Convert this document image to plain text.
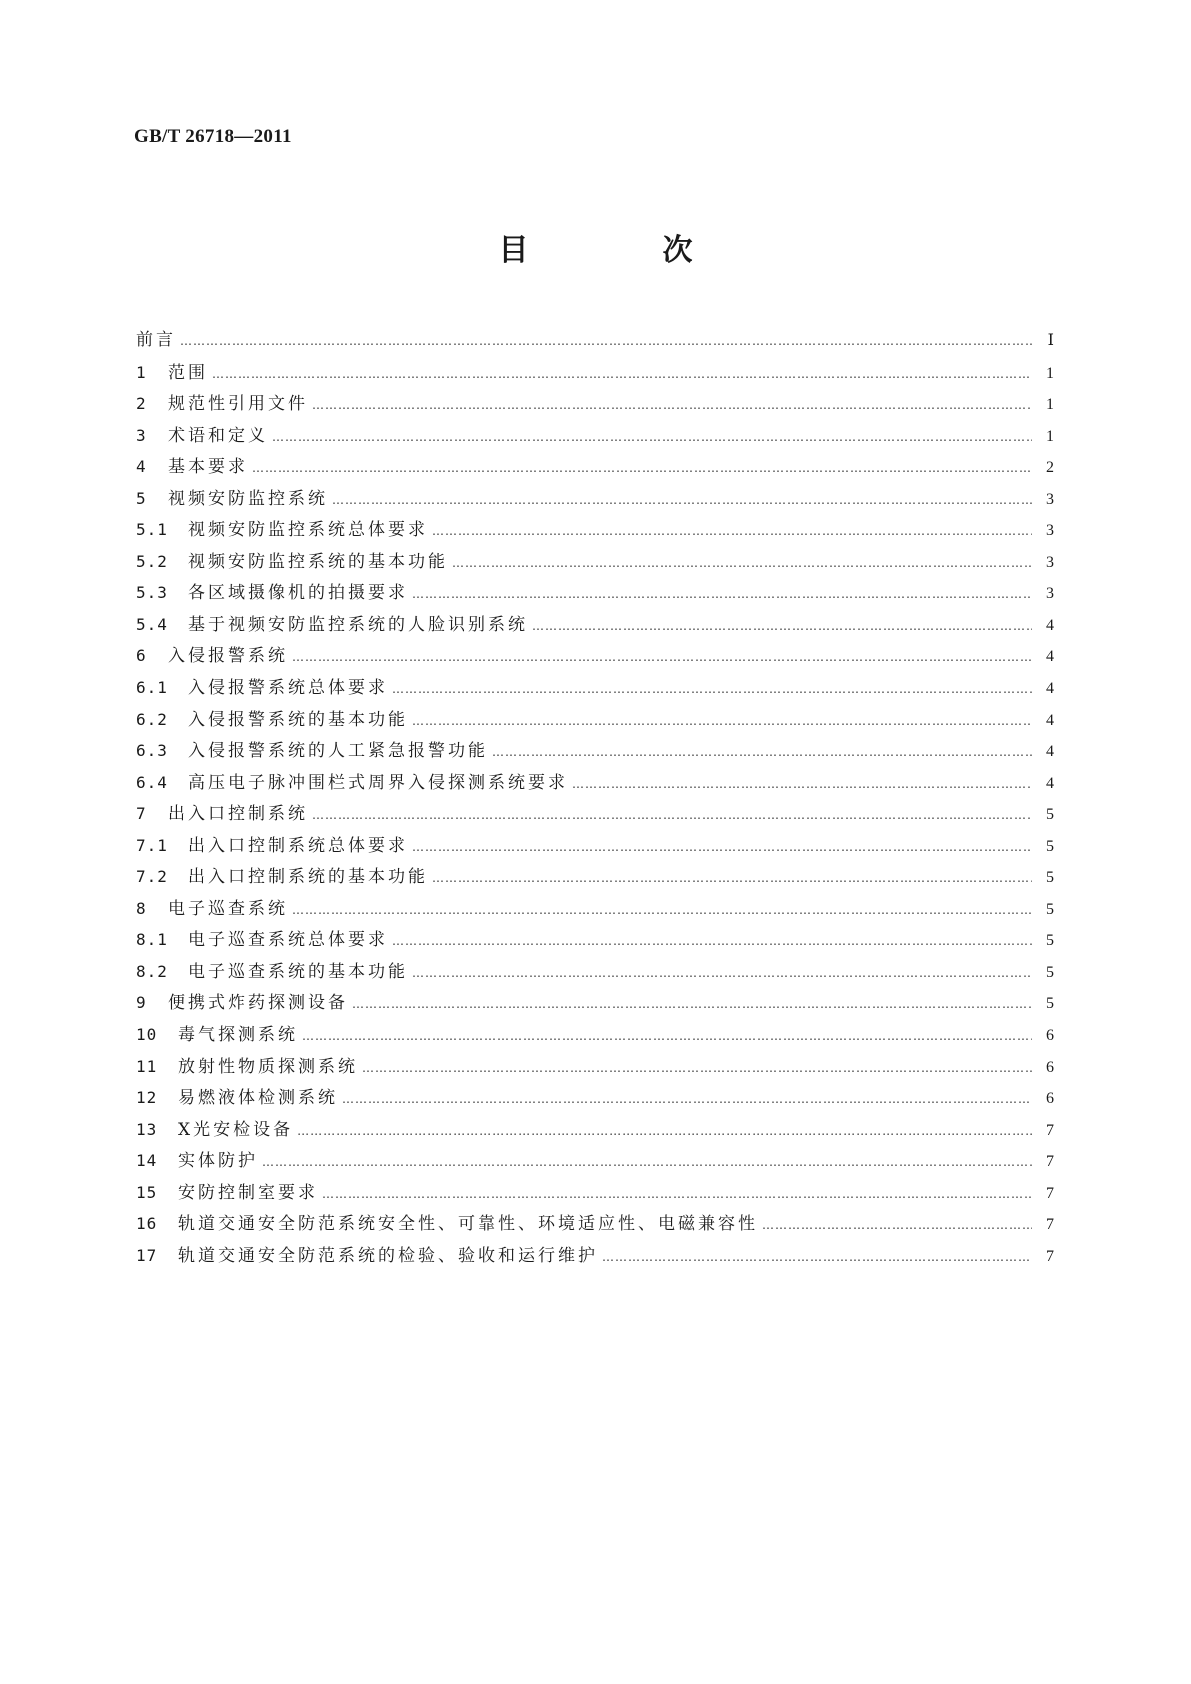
GB/T 26718—2011
目　次
前言 ……………………………………………………………………………………………………………………………………………………………………………………………………………………………………	Ⅰ
1	范围 ……………………………………………………………………………………………………………………………………………………………………………………………………………………………………	1
2	规范性引用文件 ……………………………………………………………………………………………………………………………………………………………………………………………………………………………………	1
3	术语和定义 ……………………………………………………………………………………………………………………………………………………………………………………………………………………………………	1
4	基本要求 ……………………………………………………………………………………………………………………………………………………………………………………………………………………………………	2
5	视频安防监控系统 ……………………………………………………………………………………………………………………………………………………………………………………………………………………………………	3
5.1	视频安防监控系统总体要求 ……………………………………………………………………………………………………………………………………………………………………………………………………………………………………	3
5.2	视频安防监控系统的基本功能 ……………………………………………………………………………………………………………………………………………………………………………………………………………………………………	3
5.3	各区域摄像机的拍摄要求 ……………………………………………………………………………………………………………………………………………………………………………………………………………………………………	3
5.4	基于视频安防监控系统的人脸识别系统 ……………………………………………………………………………………………………………………………………………………………………………………………………………………………………	4
6	入侵报警系统 ……………………………………………………………………………………………………………………………………………………………………………………………………………………………………	4
6.1	入侵报警系统总体要求 ……………………………………………………………………………………………………………………………………………………………………………………………………………………………………	4
6.2	入侵报警系统的基本功能 ……………………………………………………………………………………………………………………………………………………………………………………………………………………………………	4
6.3	入侵报警系统的人工紧急报警功能 ……………………………………………………………………………………………………………………………………………………………………………………………………………………………………	4
6.4	高压电子脉冲围栏式周界入侵探测系统要求 ……………………………………………………………………………………………………………………………………………………………………………………………………………………………………	4
7	出入口控制系统 ……………………………………………………………………………………………………………………………………………………………………………………………………………………………………	5
7.1	出入口控制系统总体要求 ……………………………………………………………………………………………………………………………………………………………………………………………………………………………………	5
7.2	出入口控制系统的基本功能 ……………………………………………………………………………………………………………………………………………………………………………………………………………………………………	5
8	电子巡查系统 ……………………………………………………………………………………………………………………………………………………………………………………………………………………………………	5
8.1	电子巡查系统总体要求 ……………………………………………………………………………………………………………………………………………………………………………………………………………………………………	5
8.2	电子巡查系统的基本功能 ……………………………………………………………………………………………………………………………………………………………………………………………………………………………………	5
9	便携式炸药探测设备 ……………………………………………………………………………………………………………………………………………………………………………………………………………………………………	5
10	毒气探测系统 ……………………………………………………………………………………………………………………………………………………………………………………………………………………………………	6
11	放射性物质探测系统 ……………………………………………………………………………………………………………………………………………………………………………………………………………………………………	6
12	易燃液体检测系统 ……………………………………………………………………………………………………………………………………………………………………………………………………………………………………	6
13	X光安检设备 ……………………………………………………………………………………………………………………………………………………………………………………………………………………………………	7
14	实体防护 ……………………………………………………………………………………………………………………………………………………………………………………………………………………………………	7
15	安防控制室要求 ……………………………………………………………………………………………………………………………………………………………………………………………………………………………………	7
16	轨道交通安全防范系统安全性、可靠性、环境适应性、电磁兼容性 ……………………………………………………………………………………………………………………………………………………………………………………………………………………………………	7
17	轨道交通安全防范系统的检验、验收和运行维护 ……………………………………………………………………………………………………………………………………………………………………………………………………………………………………	7
